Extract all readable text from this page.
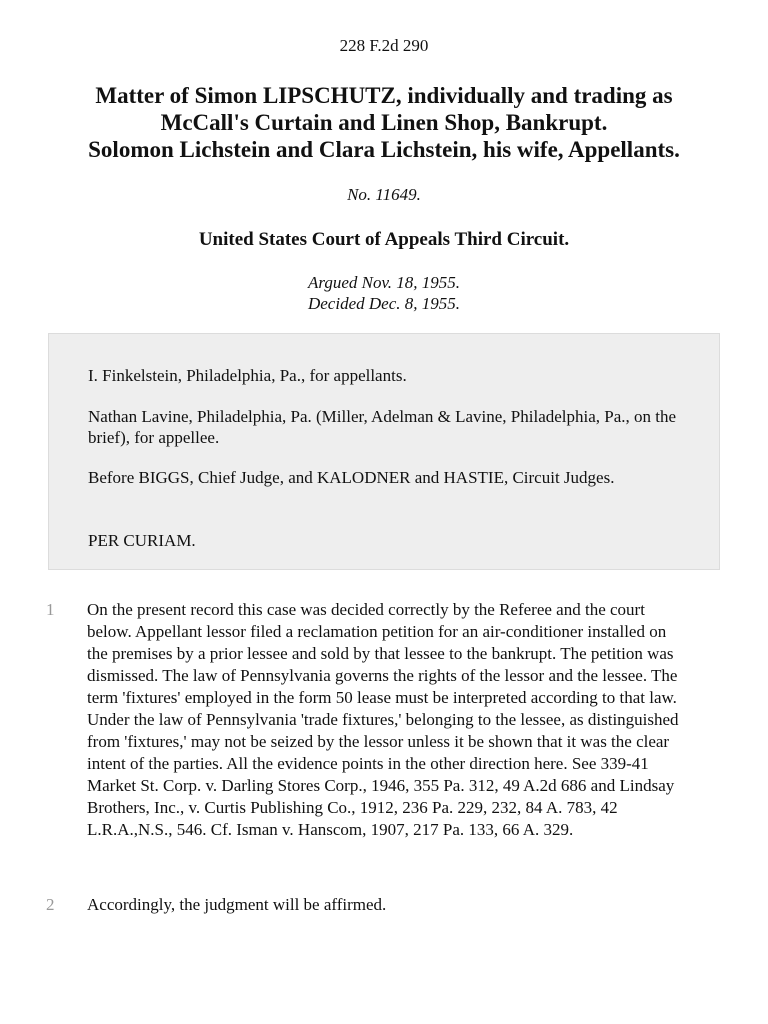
228 F.2d 290
Matter of Simon LIPSCHUTZ, individually and trading as
McCall's Curtain and Linen Shop, Bankrupt.
Solomon Lichstein and Clara Lichstein, his wife, Appellants.
No. 11649.
United States Court of Appeals Third Circuit.
Argued Nov. 18, 1955.
Decided Dec. 8, 1955.

I. Finkelstein, Philadelphia, Pa., for appellants.

Nathan Lavine, Philadelphia, Pa. (Miller, Adelman & Lavine, Philadelphia, Pa., on the brief), for appellee.

Before BIGGS, Chief Judge, and KALODNER and HASTIE, Circuit Judges.

PER CURIAM.

1	On the present record this case was decided correctly by the Referee and the court below. Appellant lessor filed a reclamation petition for an air-conditioner installed on the premises by a prior lessee and sold by that lessee to the bankrupt. The petition was dismissed. The law of Pennsylvania governs the rights of the lessor and the lessee. The term 'fixtures' employed in the form 50 lease must be interpreted according to that law. Under the law of Pennsylvania 'trade fixtures,' belonging to the lessee, as distinguished from 'fixtures,' may not be seized by the lessor unless it be shown that it was the clear intent of the parties. All the evidence points in the other direction here. See 339-41 Market St. Corp. v. Darling Stores Corp., 1946, 355 Pa. 312, 49 A.2d 686 and Lindsay Brothers, Inc., v. Curtis Publishing Co., 1912, 236 Pa. 229, 232, 84 A. 783, 42 L.R.A.,N.S., 546. Cf. Isman v. Hanscom, 1907, 217 Pa. 133, 66 A. 329.

2	Accordingly, the judgment will be affirmed.
